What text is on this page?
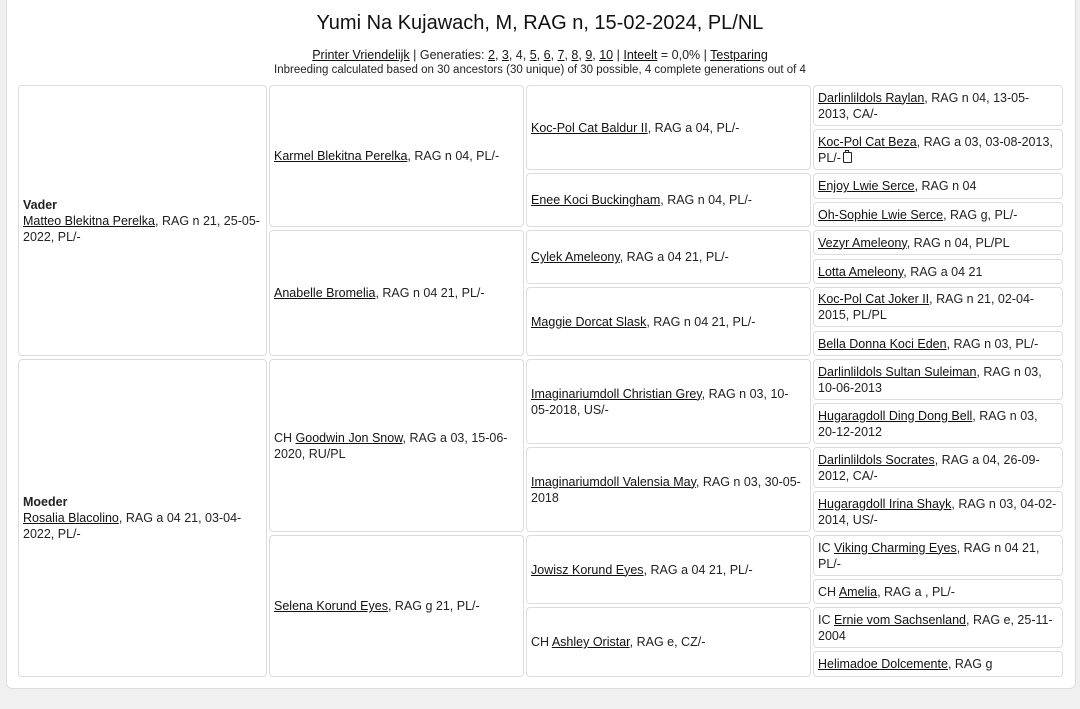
Yumi Na Kujawach, M, RAG n, 15-02-2024, PL/NL
Printer Vriendelijk | Generaties: 2, 3, 4, 5, 6, 7, 8, 9, 10 | Inteelt = 0,0% | Testparing
Inbreeding calculated based on 30 ancestors (30 unique) of 30 possible, 4 complete generations out of 4
Vader
Matteo Blekitna Perelka, RAG n 21, 25-05-2022, PL/-
Moeder
Rosalia Blacolino, RAG a 04 21, 03-04-2022, PL/-
Karmel Blekitna Perelka, RAG n 04, PL/-
Anabelle Bromelia, RAG n 04 21, PL/-
CH Goodwin Jon Snow, RAG a 03, 15-06-2020, RU/PL
Selena Korund Eyes, RAG g 21, PL/-
Koc-Pol Cat Baldur II, RAG a 04, PL/-
Enee Koci Buckingham, RAG n 04, PL/-
Cylek Ameleony, RAG a 04 21, PL/-
Maggie Dorcat Slask, RAG n 04 21, PL/-
Imaginariumdoll Christian Grey, RAG n 03, 10-05-2018, US/-
Imaginariumdoll Valensia May, RAG n 03, 30-05-2018
Jowisz Korund Eyes, RAG a 04 21, PL/-
CH Ashley Oristar, RAG e, CZ/-
Darlinlildols Raylan, RAG n 04, 13-05-2013, CA/-
Koc-Pol Cat Beza, RAG a 03, 03-08-2013, PL/-
Enjoy Lwie Serce, RAG n 04
Oh-Sophie Lwie Serce, RAG g, PL/-
Vezyr Ameleony, RAG n 04, PL/PL
Lotta Ameleony, RAG a 04 21
Koc-Pol Cat Joker II, RAG n 21, 02-04-2015, PL/PL
Bella Donna Koci Eden, RAG n 03, PL/-
Darlinlildols Sultan Suleiman, RAG n 03, 10-06-2013
Hugaragdoll Ding Dong Bell, RAG n 03, 20-12-2012
Darlinlildols Socrates, RAG a 04, 26-09-2012, CA/-
Hugaragdoll Irina Shayk, RAG n 03, 04-02-2014, US/-
IC Viking Charming Eyes, RAG n 04 21, PL/-
CH Amelia, RAG a , PL/-
IC Ernie vom Sachsenland, RAG e, 25-11-2004
Helimadoe Dolcemente, RAG g
